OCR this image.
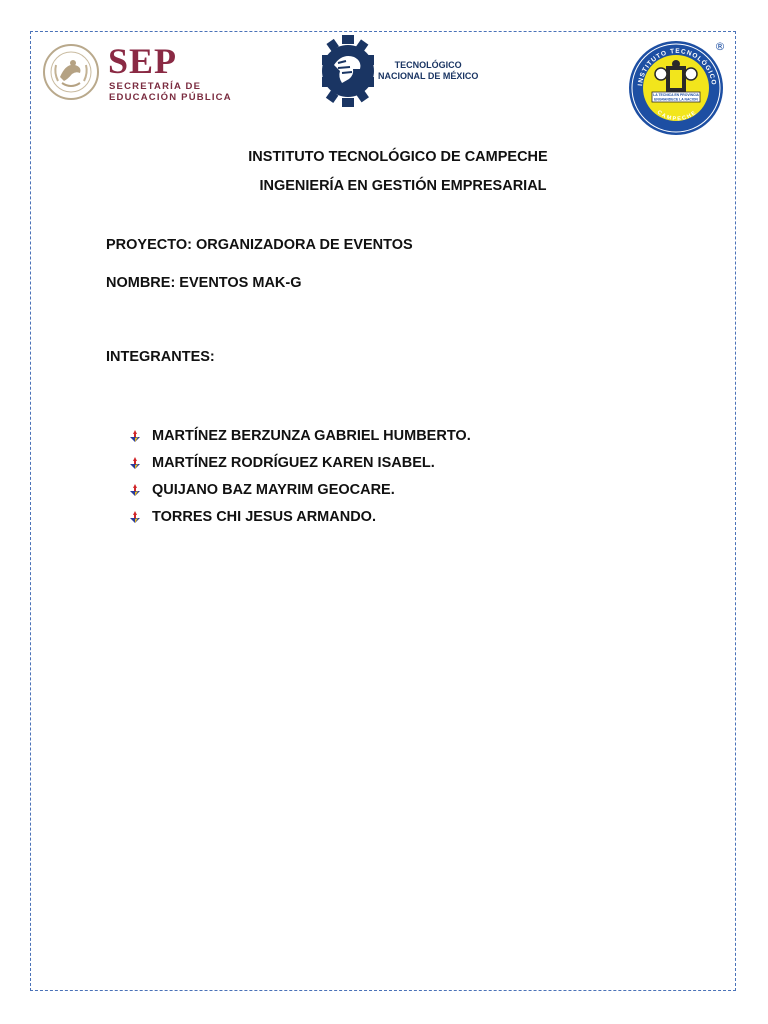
SEP
SECRETARÍA DE
EDUCACIÓN PÚBLICA
TECNOLÓGICO
NACIONAL DE MÉXICO
INSTITUTO TECNOLÓGICO
CAMPECHE
LA TECNICA EN PROVINCIA
ENGRANDECE LA NACION
®
INSTITUTO TECNOLÓGICO DE CAMPECHE
INGENIERÍA EN GESTIÓN EMPRESARIAL
PROYECTO: ORGANIZADORA DE EVENTOS
NOMBRE: EVENTOS MAK-G
INTEGRANTES:
MARTÍNEZ BERZUNZA GABRIEL HUMBERTO.
MARTÍNEZ RODRÍGUEZ KAREN ISABEL.
QUIJANO BAZ MAYRIM GEOCARE.
TORRES CHI JESUS ARMANDO.
